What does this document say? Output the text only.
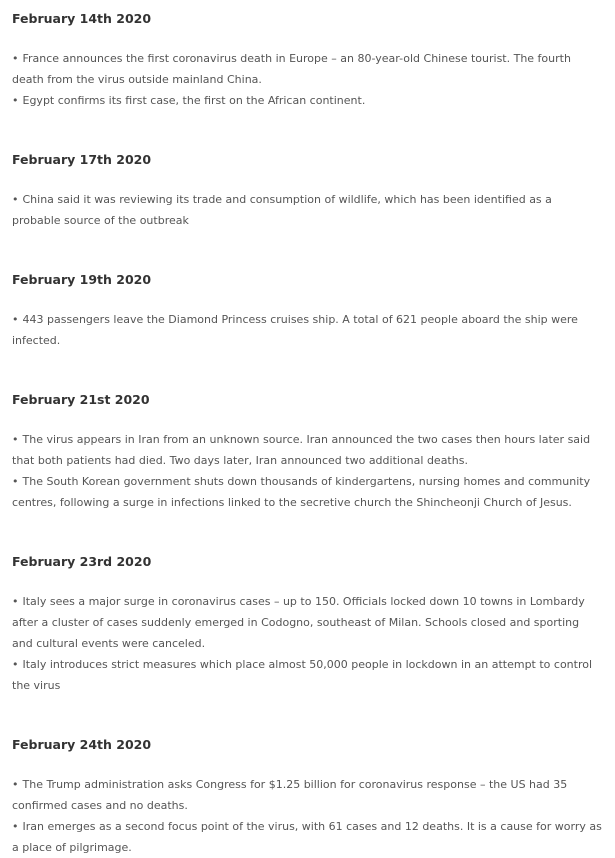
February 14th 2020
• France announces the first coronavirus death in Europe – an 80-year-old Chinese tourist. The fourth death from the virus outside mainland China.
• Egypt confirms its first case, the first on the African continent.
February 17th 2020
• China said it was reviewing its trade and consumption of wildlife, which has been identified as a probable source of the outbreak
February 19th 2020
• 443 passengers leave the Diamond Princess cruises ship. A total of 621 people aboard the ship were infected.
February 21st 2020
• The virus appears in Iran from an unknown source. Iran announced the two cases then hours later said that both patients had died. Two days later, Iran announced two additional deaths.
• The South Korean government shuts down thousands of kindergartens, nursing homes and community centres, following a surge in infections linked to the secretive church the Shincheonji Church of Jesus.
February 23rd 2020
• Italy sees a major surge in coronavirus cases – up to 150. Officials locked down 10 towns in Lombardy after a cluster of cases suddenly emerged in Codogno, southeast of Milan. Schools closed and sporting and cultural events were canceled.
• Italy introduces strict measures which place almost 50,000 people in lockdown in an attempt to control the virus
February 24th 2020
• The Trump administration asks Congress for $1.25 billion for coronavirus response – the US had 35 confirmed cases and no deaths.
• Iran emerges as a second focus point of the virus, with 61 cases and 12 deaths. It is a cause for worry as a place of pilgrimage.
